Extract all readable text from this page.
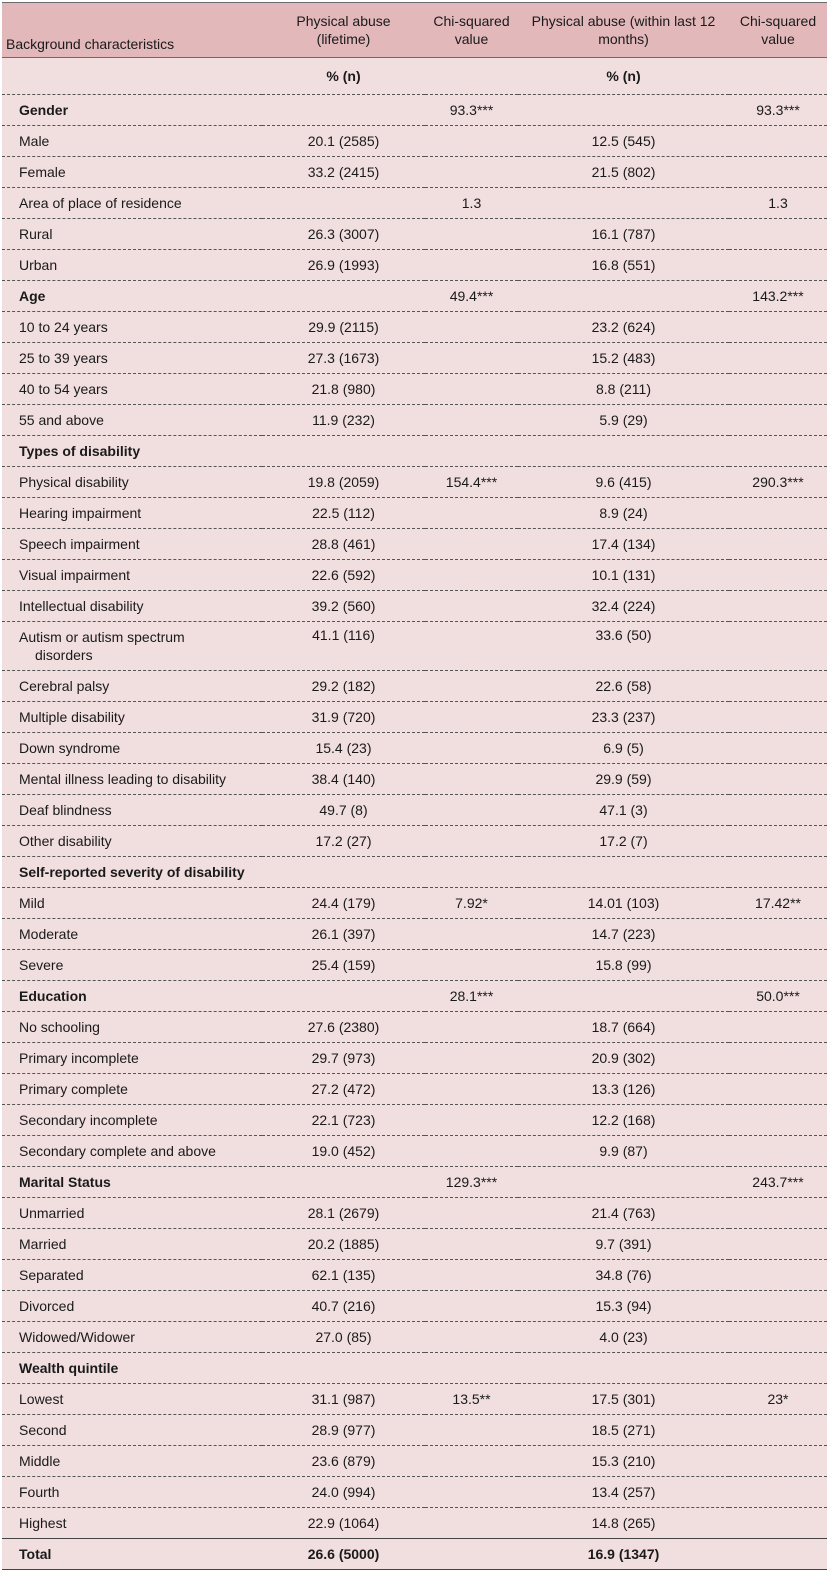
Background characteristics	Physical abuse (lifetime)	Chi-squared value	Physical abuse (within last 12 months)	Chi-squared value
	% (n)		% (n)	
Gender		93.3***		93.3***
Male	20.1 (2585)		12.5 (545)	
Female	33.2 (2415)		21.5 (802)	
Area of place of residence		1.3		1.3
Rural	26.3 (3007)		16.1 (787)	
Urban	26.9 (1993)		16.8 (551)	
Age		49.4***		143.2***
10 to 24 years	29.9 (2115)		23.2 (624)	
25 to 39 years	27.3 (1673)		15.2 (483)	
40 to 54 years	21.8 (980)		8.8 (211)	
55 and above	11.9 (232)		5.9 (29)	
Types of disability				
Physical disability	19.8 (2059)	154.4***	9.6 (415)	290.3***
Hearing impairment	22.5 (112)		8.9 (24)	
Speech impairment	28.8 (461)		17.4 (134)	
Visual impairment	22.6 (592)		10.1 (131)	
Intellectual disability	39.2 (560)		32.4 (224)	
Autism or autism spectrum
disorders	41.1 (116)		33.6 (50)	
Cerebral palsy	29.2 (182)		22.6 (58)	
Multiple disability	31.9 (720)		23.3 (237)	
Down syndrome	15.4 (23)		6.9 (5)	
Mental illness leading to disability	38.4 (140)		29.9 (59)	
Deaf blindness	49.7 (8)		47.1 (3)	
Other disability	17.2 (27)		17.2 (7)	
Self-reported severity of disability				
Mild	24.4 (179)	7.92*	14.01 (103)	17.42**
Moderate	26.1 (397)		14.7 (223)	
Severe	25.4 (159)		15.8 (99)	
Education		28.1***		50.0***
No schooling	27.6 (2380)		18.7 (664)	
Primary incomplete	29.7 (973)		20.9 (302)	
Primary complete	27.2 (472)		13.3 (126)	
Secondary incomplete	22.1 (723)		12.2 (168)	
Secondary complete and above	19.0 (452)		9.9 (87)	
Marital Status		129.3***		243.7***
Unmarried	28.1 (2679)		21.4 (763)	
Married	20.2 (1885)		9.7 (391)	
Separated	62.1 (135)		34.8 (76)	
Divorced	40.7 (216)		15.3 (94)	
Widowed/Widower	27.0 (85)		4.0 (23)	
Wealth quintile				
Lowest	31.1 (987)	13.5**	17.5 (301)	23*
Second	28.9 (977)		18.5 (271)	
Middle	23.6 (879)		15.3 (210)	
Fourth	24.0 (994)		13.4 (257)	
Highest	22.9 (1064)		14.8 (265)	
Total	26.6 (5000)		16.9 (1347)	
